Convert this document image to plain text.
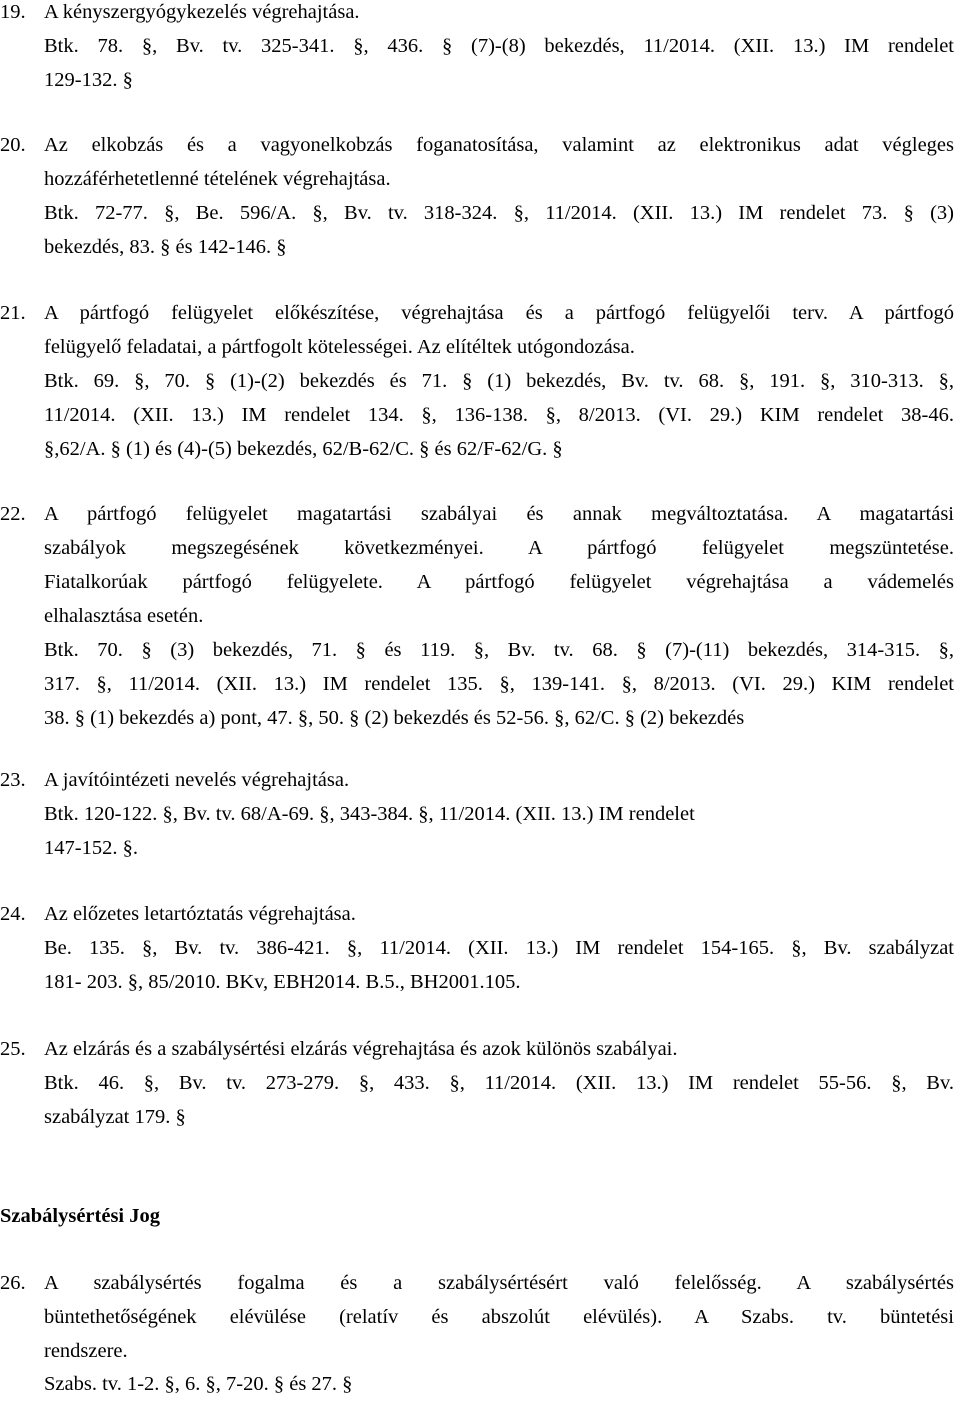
19. A kényszergyógykezelés végrehajtása.
Btk. 78. §, Bv. tv. 325-341. §, 436. § (7)-(8) bekezdés, 11/2014. (XII. 13.) IM rendelet
129-132. §
20. Az elkobzás és a vagyonelkobzás foganatosítása, valamint az elektronikus adat végleges
hozzáférhetetlenné tételének végrehajtása.
Btk. 72-77. §, Be. 596/A. §, Bv. tv. 318-324. §, 11/2014. (XII. 13.) IM rendelet 73. § (3)
bekezdés, 83. § és 142-146. §
21. A pártfogó felügyelet előkészítése, végrehajtása és a pártfogó felügyelői terv. A pártfogó
felügyelő feladatai, a pártfogolt kötelességei. Az elítéltek utógondozása.
Btk. 69. §, 70. § (1)-(2) bekezdés és 71. § (1) bekezdés, Bv. tv. 68. §, 191. §, 310-313. §,
11/2014. (XII. 13.) IM rendelet 134. §, 136-138. §, 8/2013. (VI. 29.) KIM rendelet 38-46.
§,62/A. § (1) és (4)-(5) bekezdés, 62/B-62/C. § és 62/F-62/G. §
22. A pártfogó felügyelet magatartási szabályai és annak megváltoztatása. A magatartási
szabályok megszegésének következményei. A pártfogó felügyelet megszüntetése.
Fiatalkorúak pártfogó felügyelete. A pártfogó felügyelet végrehajtása a vádemelés
elhalasztása esetén.
Btk. 70. § (3) bekezdés, 71. § és 119. §, Bv. tv. 68. § (7)-(11) bekezdés, 314-315. §,
317. §, 11/2014. (XII. 13.) IM rendelet 135. §, 139-141. §, 8/2013. (VI. 29.) KIM rendelet
38. § (1) bekezdés a) pont, 47. §, 50. § (2) bekezdés és 52-56. §, 62/C. § (2) bekezdés
23. A javítóintézeti nevelés végrehajtása.
Btk. 120-122. §, Bv. tv. 68/A-69. §, 343-384. §, 11/2014. (XII. 13.) IM rendelet
147-152. §.
24. Az előzetes letartóztatás végrehajtása.
Be. 135. §, Bv. tv. 386-421. §, 11/2014. (XII. 13.) IM rendelet 154-165. §, Bv. szabályzat
181- 203. §, 85/2010. BKv, EBH2014. B.5., BH2001.105.
25. Az elzárás és a szabálysértési elzárás végrehajtása és azok különös szabályai.
Btk. 46. §, Bv. tv. 273-279. §, 433. §, 11/2014. (XII. 13.) IM rendelet 55-56. §, Bv.
szabályzat 179. §
Szabálysértési Jog
26. A szabálysértés fogalma és a szabálysértésért való felelősség. A szabálysértés
büntethetőségének elévülése (relatív és abszolút elévülés). A Szabs. tv. büntetési
rendszere.
Szabs. tv. 1-2. §, 6. §, 7-20. § és 27. §
